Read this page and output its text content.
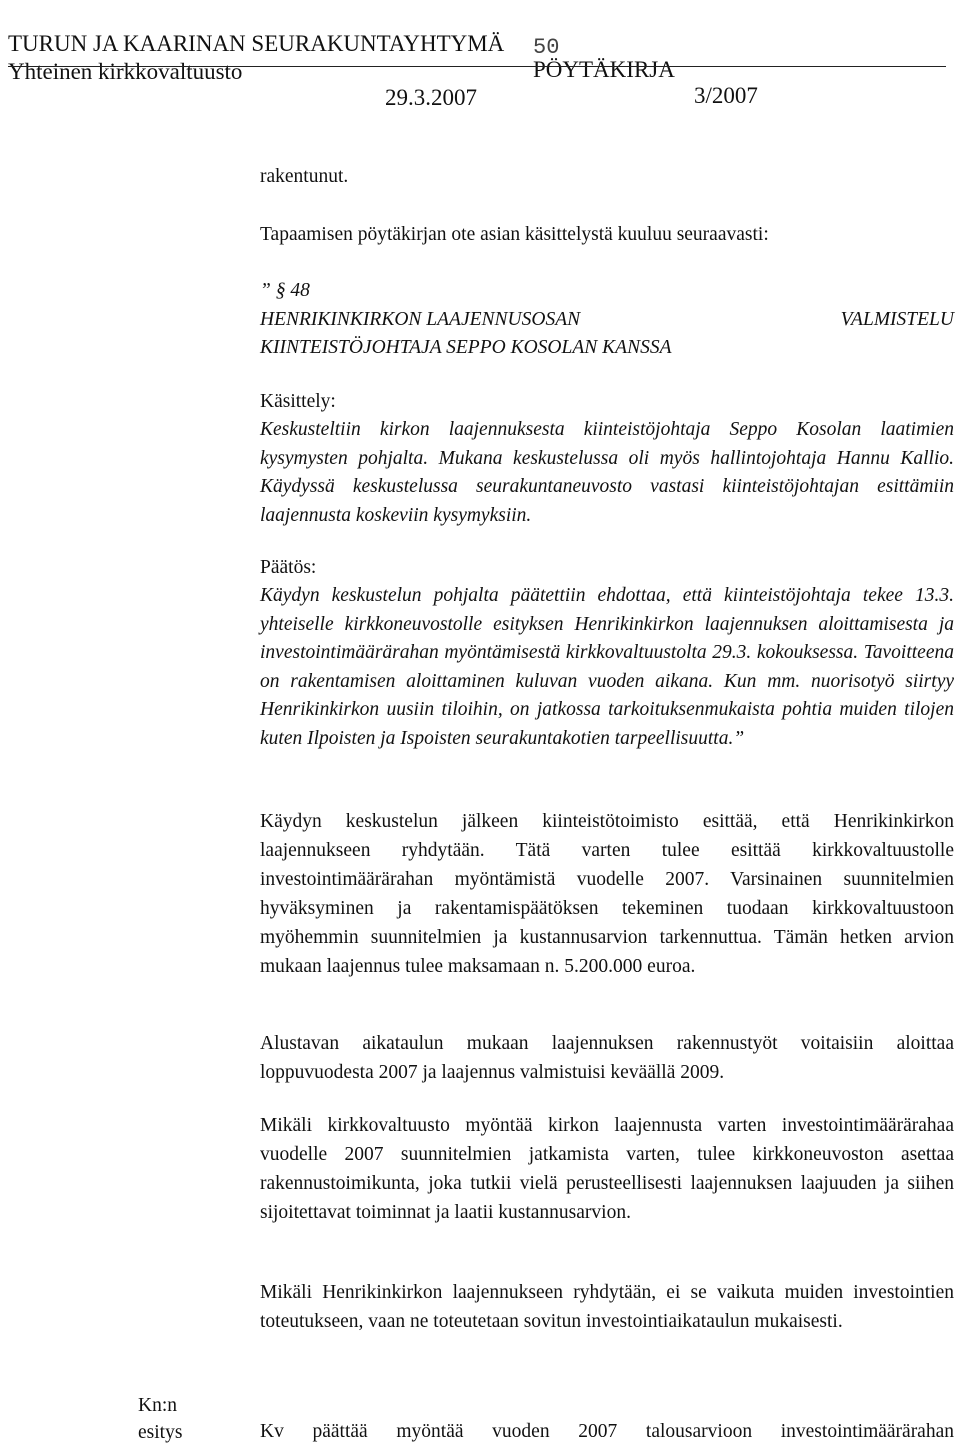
TURUN JA KAARINAN SEURAKUNTAYHTYMÄ

PÖYTÄKIRJA

3/2007

Yhteinen kirkkovaltuusto

29.3.2007

50

rakentunut.
Tapaamisen pöytäkirjan ote asian käsittelystä kuuluu seuraavasti:
” § 48
HENRIKINKIRKON LAAJENNUSOSAN	VALMISTELU
KIINTEISTÖJOHTAJA SEPPO KOSOLAN KANSSA
Käsittely:
Keskusteltiin kirkon laajennuksesta kiinteistöjohtaja Seppo Kosolan laatimien kysymysten pohjalta. Mukana keskustelussa oli myös hallintojohtaja Hannu Kallio. Käydyssä keskustelussa seurakuntaneuvosto vastasi kiinteistöjohtajan esittämiin laajennusta koskeviin kysymyksiin.
Päätös:
Käydyn keskustelun pohjalta päätettiin ehdottaa, että kiinteistöjohtaja tekee 13.3. yhteiselle kirkkoneuvostolle esityksen Henrikinkirkon laajennuksen aloittamisesta ja investointimäärärahan myöntämisestä kirkkovaltuustolta 29.3. kokouksessa. Tavoitteena on rakentamisen aloittaminen kuluvan vuoden aikana. Kun mm. nuorisotyö siirtyy Henrikinkirkon uusiin tiloihin, on jatkossa tarkoituksenmukaista pohtia muiden tilojen kuten Ilpoisten ja Ispoisten seurakuntakotien tarpeellisuutta.”
Käydyn keskustelun jälkeen kiinteistötoimisto esittää, että Henrikinkirkon laajennukseen ryhdytään. Tätä varten tulee esittää kirkkovaltuustolle investointimäärärahan myöntämistä vuodelle 2007. Varsinainen suunnitelmien hyväksyminen ja rakentamispäätöksen tekeminen tuodaan kirkkovaltuustoon myöhemmin suunnitelmien ja kustannusarvion tarkennuttua. Tämän hetken arvion mukaan laajennus tulee maksamaan n. 5.200.000 euroa.
Alustavan aikataulun mukaan laajennuksen rakennustyöt voitaisiin aloittaa loppuvuodesta 2007 ja laajennus valmistuisi keväällä 2009.
Mikäli kirkkovaltuusto myöntää kirkon laajennusta varten investointimäärärahaa vuodelle 2007 suunnitelmien jatkamista varten, tulee kirkkoneuvoston asettaa rakennustoimikunta, joka tutkii vielä perusteellisesti laajennuksen laajuuden ja siihen sijoitettavat toiminnat ja laatii kustannusarvion.
Mikäli Henrikinkirkon laajennukseen ryhdytään, ei se vaikuta muiden investointien toteutukseen, vaan ne toteutetaan sovitun investointiaikataulun mukaisesti.
Kn:n
esitys	Kv päättää myöntää vuoden 2007 talousarvioon investointimäärärahan
